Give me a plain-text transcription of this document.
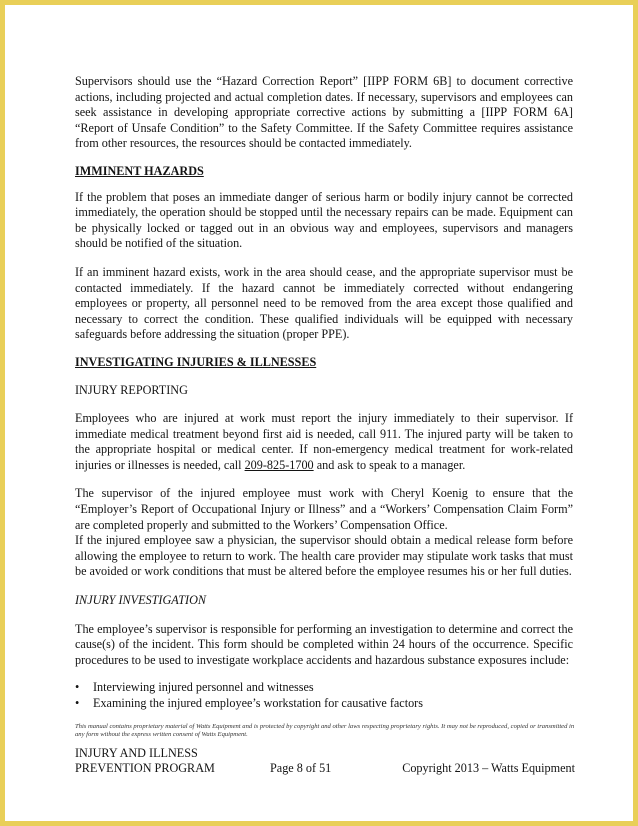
Supervisors should use the “Hazard Correction Report” [IIPP FORM 6B] to document corrective actions, including projected and actual completion dates. If necessary, supervisors and employees can seek assistance in developing appropriate corrective actions by submitting a [IIPP FORM 6A] “Report of Unsafe Condition” to the Safety Committee. If the Safety Committee requires assistance from other resources, the resources should be contacted immediately.

IMMINENT HAZARDS

If the problem that poses an immediate danger of serious harm or bodily injury cannot be corrected immediately, the operation should be stopped until the necessary repairs can be made. Equipment can be physically locked or tagged out in an obvious way and employees, supervisors and managers should be notified of the situation.

If an imminent hazard exists, work in the area should cease, and the appropriate supervisor must be contacted immediately. If the hazard cannot be immediately corrected without endangering employees or property, all personnel need to be removed from the area except those qualified and necessary to correct the condition. These qualified individuals will be equipped with necessary safeguards before addressing the situation (proper PPE).

INVESTIGATING INJURIES & ILLNESSES

INJURY REPORTING

Employees who are injured at work must report the injury immediately to their supervisor. If immediate medical treatment beyond first aid is needed, call 911. The injured party will be taken to the appropriate hospital or medical center. If non-emergency medical treatment for work-related injuries or illnesses is needed, call 209-825-1700 and ask to speak to a manager.

The supervisor of the injured employee must work with Cheryl Koenig to ensure that the “Employer’s Report of Occupational Injury or Illness” and a “Workers’ Compensation Claim Form” are completed properly and submitted to the Workers’ Compensation Office.

If the injured employee saw a physician, the supervisor should obtain a medical release form before allowing the employee to return to work. The health care provider may stipulate work tasks that must be avoided or work conditions that must be altered before the employee resumes his or her full duties.

INJURY INVESTIGATION

The employee’s supervisor is responsible for performing an investigation to determine and correct the cause(s) of the incident. This form should be completed within 24 hours of the occurrence. Specific procedures to be used to investigate workplace accidents and hazardous substance exposures include:

• Interviewing injured personnel and witnesses
• Examining the injured employee’s workstation for causative factors
This manual contains proprietary material of Watts Equipment and is protected by copyright and other laws respecting proprietary rights. It may not be reproduced, copied or transmitted in any form without the express written consent of Watts Equipment.
INJURY AND ILLNESS
PREVENTION PROGRAM	Page 8 of 51	Copyright 2013 – Watts Equipment
